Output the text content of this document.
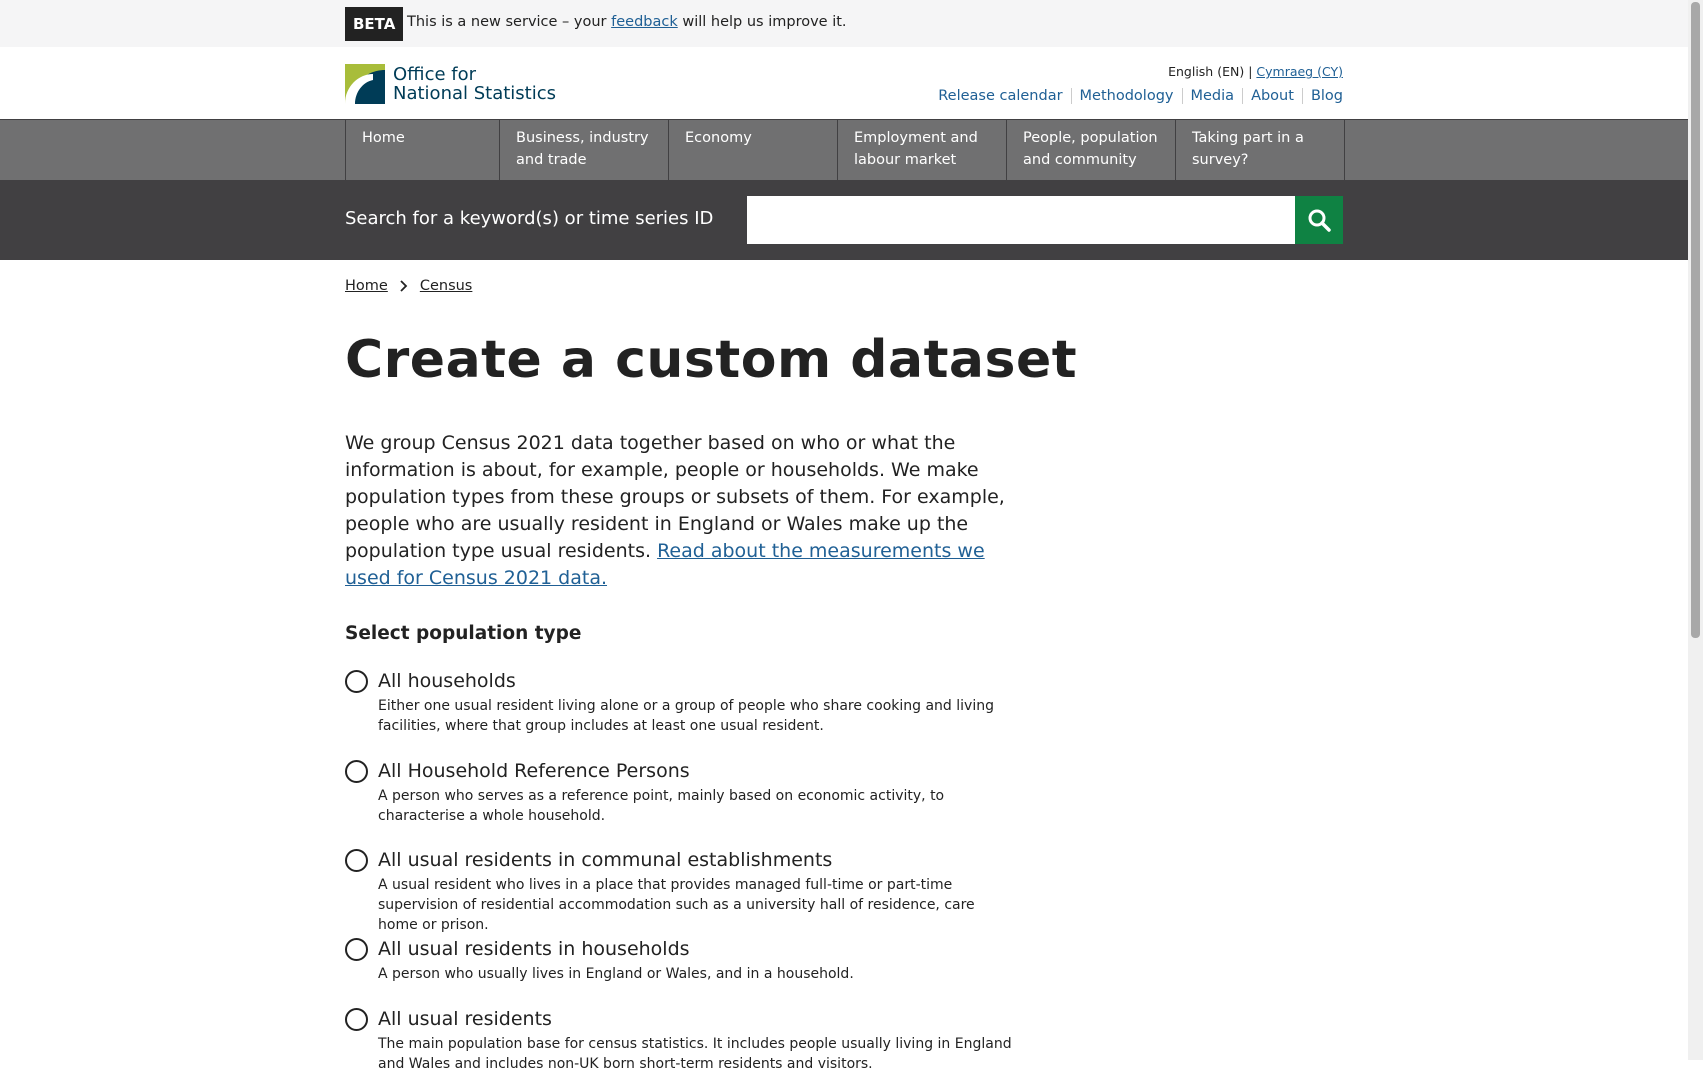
BETA This is a new service – your feedback will help us improve it.
Office for
National Statistics
English (EN) | Cymraeg (CY)
Release calendar	Methodology	Media	About	Blog
Home	Business, industry and trade
Economy	Employment and labour market
People, population and community
Taking part in a survey?
Search for a keyword(s) or time series ID
Home Census
Create a custom dataset
We group Census 2021 data together based on who or what the information is about, for example, people or households. We make population types from these groups or subsets of them. For example, people who are usually resident in England or Wales make up the population type usual residents. Read about the measurements we used for Census 2021 data.
Select population type
All households
Either one usual resident living alone or a group of people who share cooking and living facilities, where that group includes at least one usual resident.
All Household Reference Persons
A person who serves as a reference point, mainly based on economic activity, to characterise a whole household.
All usual residents in communal establishments
A usual resident who lives in a place that provides managed full-time or part-time supervision of residential accommodation such as a university hall of residence, care home or prison.
All usual residents in households
A person who usually lives in England or Wales, and in a household.
All usual residents
The main population base for census statistics. It includes people usually living in England and Wales and includes non-UK born short-term residents and visitors.
